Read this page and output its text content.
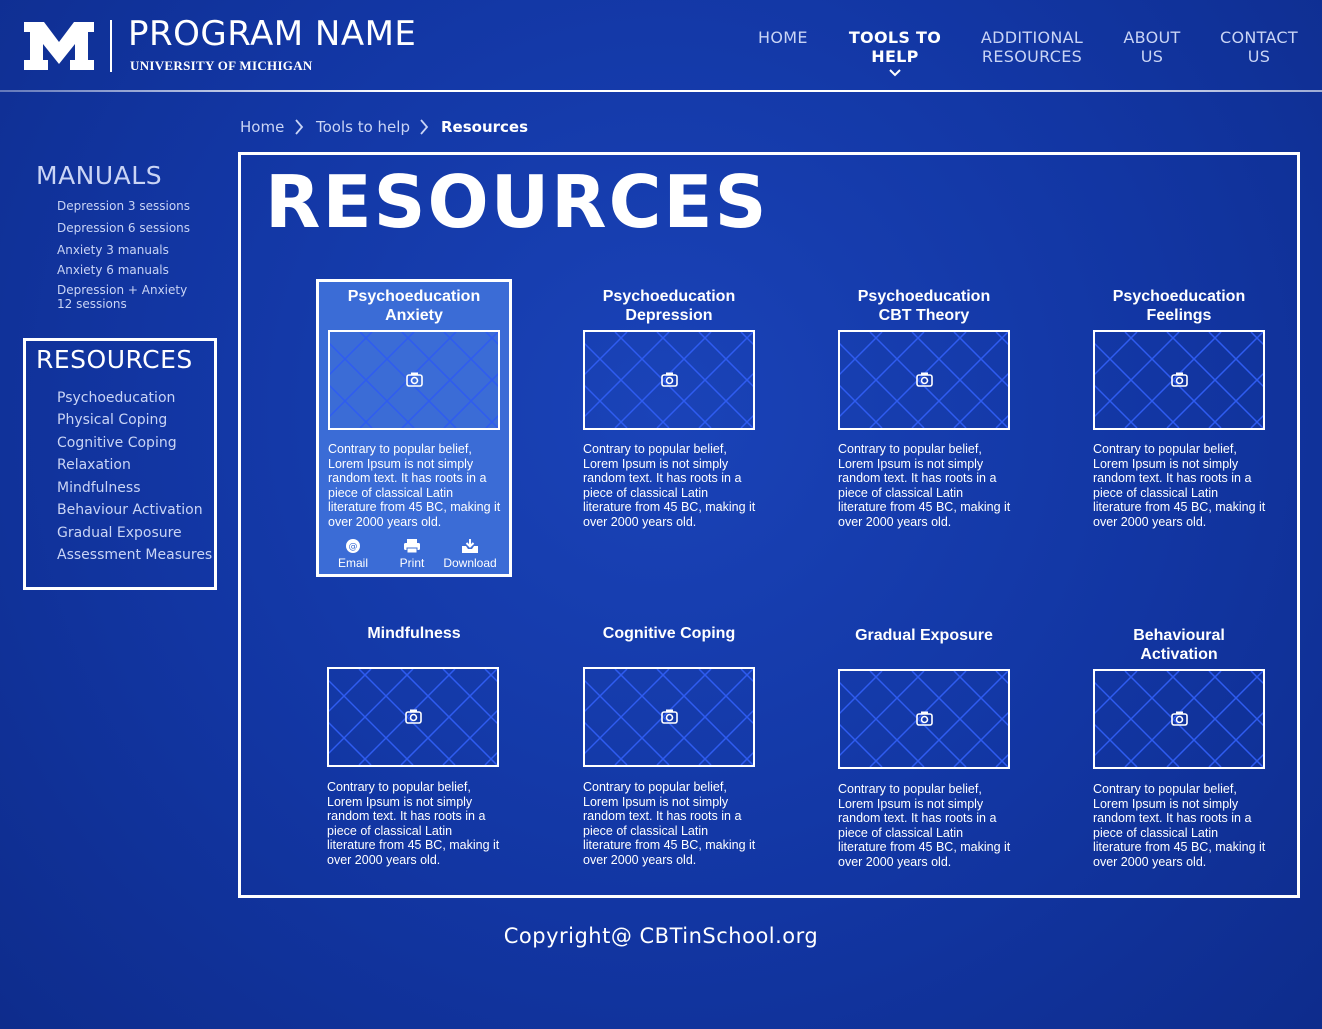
PROGRAM NAME
UNIVERSITY OF MICHIGAN
HOME	TOOLS TO
HELP
ADDITIONAL
RESOURCES
ABOUT
US
CONTACT
US
Home Tools to help Resources
MANUALS
Depression 3 sessions
Depression 6 sessions
Anxiety 3 manuals
Anxiety 6 manuals
Depression + Anxiety
12 sessions
RESOURCES
Psychoeducation
Physical Coping
Cognitive Coping
Relaxation
Mindfulness
Behaviour Activation
Gradual Exposure
Assessment Measures
RESOURCES
Psychoeducation
Anxiety
Psychoeducation
Depression
Psychoeducation
CBT Theory
Psychoeducation
Feelings
Contrary to popular belief, Lorem Ipsum is not simply random text. It has roots in a piece of classical Latin literature from 45 BC, making it over 2000 years old.
Contrary to popular belief, Lorem Ipsum is not simply random text. It has roots in a piece of classical Latin literature from 45 BC, making it over 2000 years old.
Contrary to popular belief, Lorem Ipsum is not simply random text. It has roots in a piece of classical Latin literature from 45 BC, making it over 2000 years old.
Contrary to popular belief, Lorem Ipsum is not simply random text. It has roots in a piece of classical Latin literature from 45 BC, making it over 2000 years old.
@
Email	Print	Download
Mindfulness	Cognitive Coping	Gradual Exposure	Behavioural
Activation
Contrary to popular belief, Lorem Ipsum is not simply random text. It has roots in a piece of classical Latin literature from 45 BC, making it over 2000 years old.
Contrary to popular belief, Lorem Ipsum is not simply random text. It has roots in a piece of classical Latin literature from 45 BC, making it over 2000 years old.
Contrary to popular belief, Lorem Ipsum is not simply random text. It has roots in a piece of classical Latin literature from 45 BC, making it over 2000 years old.
Contrary to popular belief, Lorem Ipsum is not simply random text. It has roots in a piece of classical Latin literature from 45 BC, making it over 2000 years old.
Copyright@ CBTinSchool.org
